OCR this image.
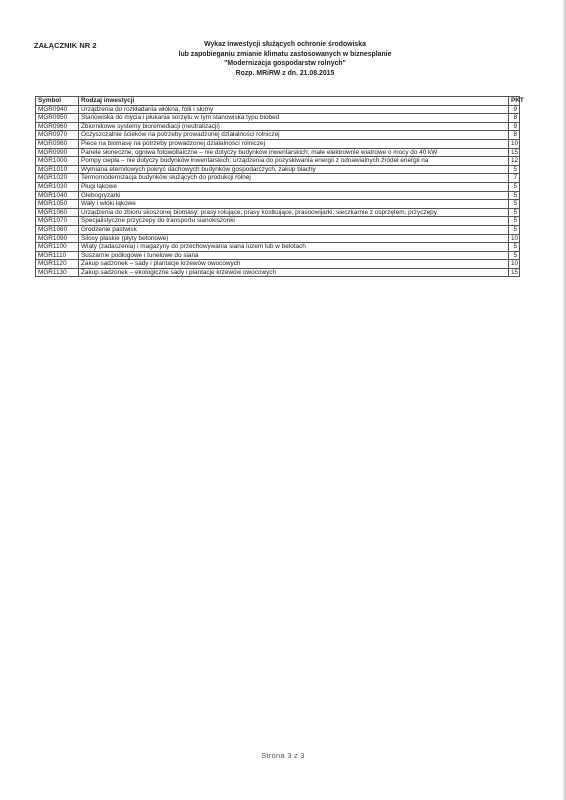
ZAŁĄCZNIK NR 2	Wykaz inwestycji służących ochronie środowiska
lub zapobieganiu zmianie klimatu zastosowanych w biznesplanie
"Modernizacja gospodarstw rolnych"
Rozp. MRiRW z dn. 21.08.2015
Symbol	Rodzaj inwestycji	PKT
MGR0940	Urządzenia do rozkładania włókna, folii i słomy	9
MGR0950	Stanowiska do mycia i płukania sorzętu w tym stanowiska typu biobed	8
MGR0960	Zbiornikowe systemy bioremediacji (neutralizacji)	9
MGR0970	Oczyszczalnie ścieków na potrzeby prowadzonej działalności rolniczej	8
MGR0980	Piece na biomasę na potrzeby prowadzonej działalności rolniczej	10
MGR0990	Panele słoneczne, ogniwa fotowoltaiczne – nie dotyczy budynków inwentarskich; małe elektrownie wiatrowe o mocy do 40 kW	15
MGR1000	Pompy ciepła – nie dotyczy budynków inwentarskich; urządzenia do pozyskiwania energii z odnawialnych źródeł energii na	12
MGR1010	Wymiana eternitowych pokryć dachowych budynków gospodarczych, zakup blachy	5
MGR1020	Termomodernizacja budynków służących do produkcji rolnej	7
MGR1030	Pługi łąkowe	5
MGR1040	Glebogryzarki	5
MGR1050	Wały i włóki łąkowe	5
MGR1060	Urządzenia do zbioru skoszonej biomasy: prasy rolujące, prasy kostkujące, prasoowijarki, sieczkarnie z osprzętem, przyczepy	5
MGR1070	Specjalistyczne przyczepy do transportu sianokiszonki	5
MGR1080	Grodzenie pastwisk	5
MGR1090	Silosy płaskie (płyty betonowe)	10
MGR1100	Wiaty (zadaszenia) i magazyny do przechowywania siana luzem lub w belotach	5
MGR1110	Suszarnie podłogowe i tunelowe do siana	5
MGR1120	Zakup sadzonek – sady i plantacje krzewów owocowych	10
MGR1130	Zakup sadzonek – ekologiczne sady i plantacje krzewów owocowych	15
Strona 3 z 3
